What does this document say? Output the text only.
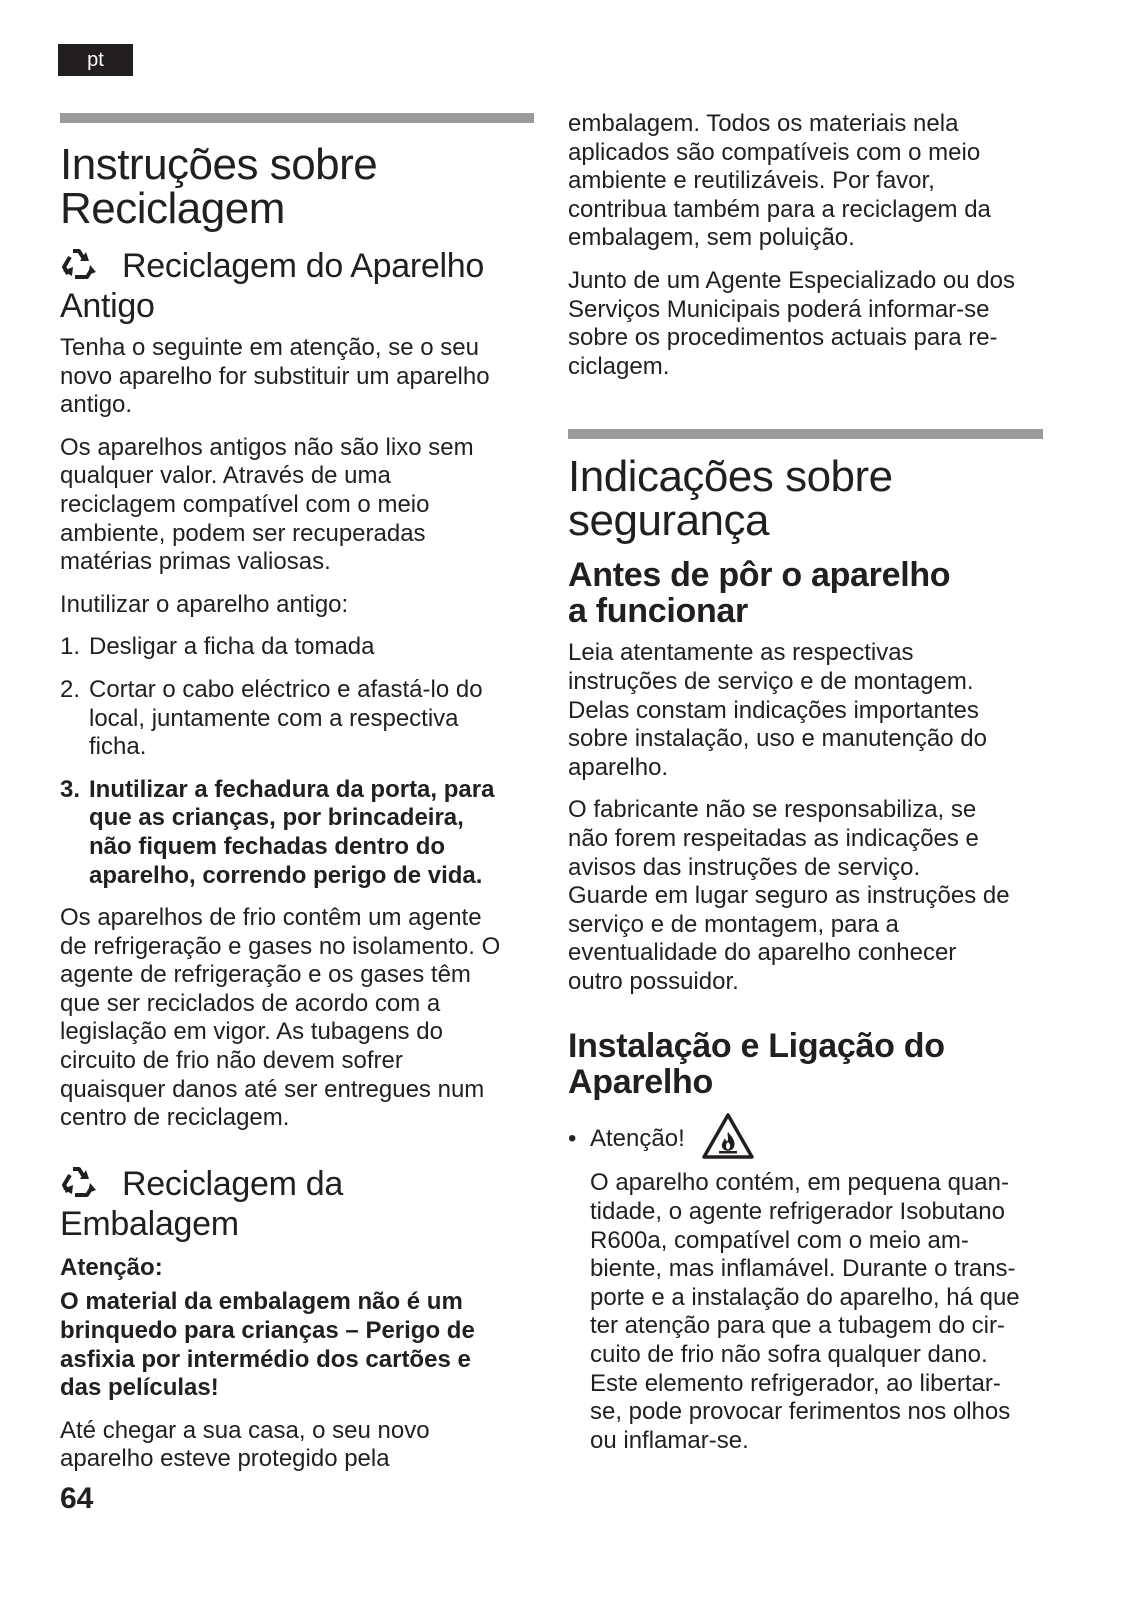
pt
Instruções sobre
Reciclagem
Reciclagem do Aparelho
Antigo
Tenha o seguinte em atenção, se o seu
novo aparelho for substituir um aparelho
antigo.
Os aparelhos antigos não são lixo sem
qualquer valor. Através de uma
reciclagem compatível com o meio
ambiente, podem ser recuperadas
matérias primas valiosas.
Inutilizar o aparelho antigo:
1. Desligar a ficha da tomada
2. Cortar o cabo eléctrico e afastá-lo do
local, juntamente com a respectiva
ficha.
3. Inutilizar a fechadura da porta, para
que as crianças, por brincadeira,
não fiquem fechadas dentro do
aparelho, correndo perigo de vida.
Os aparelhos de frio contêm um agente
de refrigeração e gases no isolamento. O
agente de refrigeração e os gases têm
que ser reciclados de acordo com a
legislação em vigor. As tubagens do
circuito de frio não devem sofrer
quaisquer danos até ser entregues num
centro de reciclagem.
Reciclagem da
Embalagem
Atenção:
O material da embalagem não é um
brinquedo para crianças – Perigo de
asfixia por intermédio dos cartões e
das películas!
Até chegar a sua casa, o seu novo
aparelho esteve protegido pela
embalagem. Todos os materiais nela
aplicados são compatíveis com o meio
ambiente e reutilizáveis. Por favor,
contribua também para a reciclagem da
embalagem, sem poluição.
Junto de um Agente Especializado ou dos
Serviços Municipais poderá informar-se
sobre os procedimentos actuais para re-
ciclagem.
Indicações sobre
segurança
Antes de pôr o aparelho
a funcionar
Leia atentamente as respectivas
instruções de serviço e de montagem.
Delas constam indicações importantes
sobre instalação, uso e manutenção do
aparelho.
O fabricante não se responsabiliza, se
não forem respeitadas as indicações e
avisos das instruções de serviço.
Guarde em lugar seguro as instruções de
serviço e de montagem, para a
eventualidade do aparelho conhecer
outro possuidor.
Instalação e Ligação do
Aparelho
• Atenção!
O aparelho contém, em pequena quan-
tidade, o agente refrigerador Isobutano
R600a, compatível com o meio am-
biente, mas inflamável. Durante o trans-
porte e a instalação do aparelho, há que
ter atenção para que a tubagem do cir-
cuito de frio não sofra qualquer dano.
Este elemento refrigerador, ao libertar-
se, pode provocar ferimentos nos olhos
ou inflamar-se.
64
